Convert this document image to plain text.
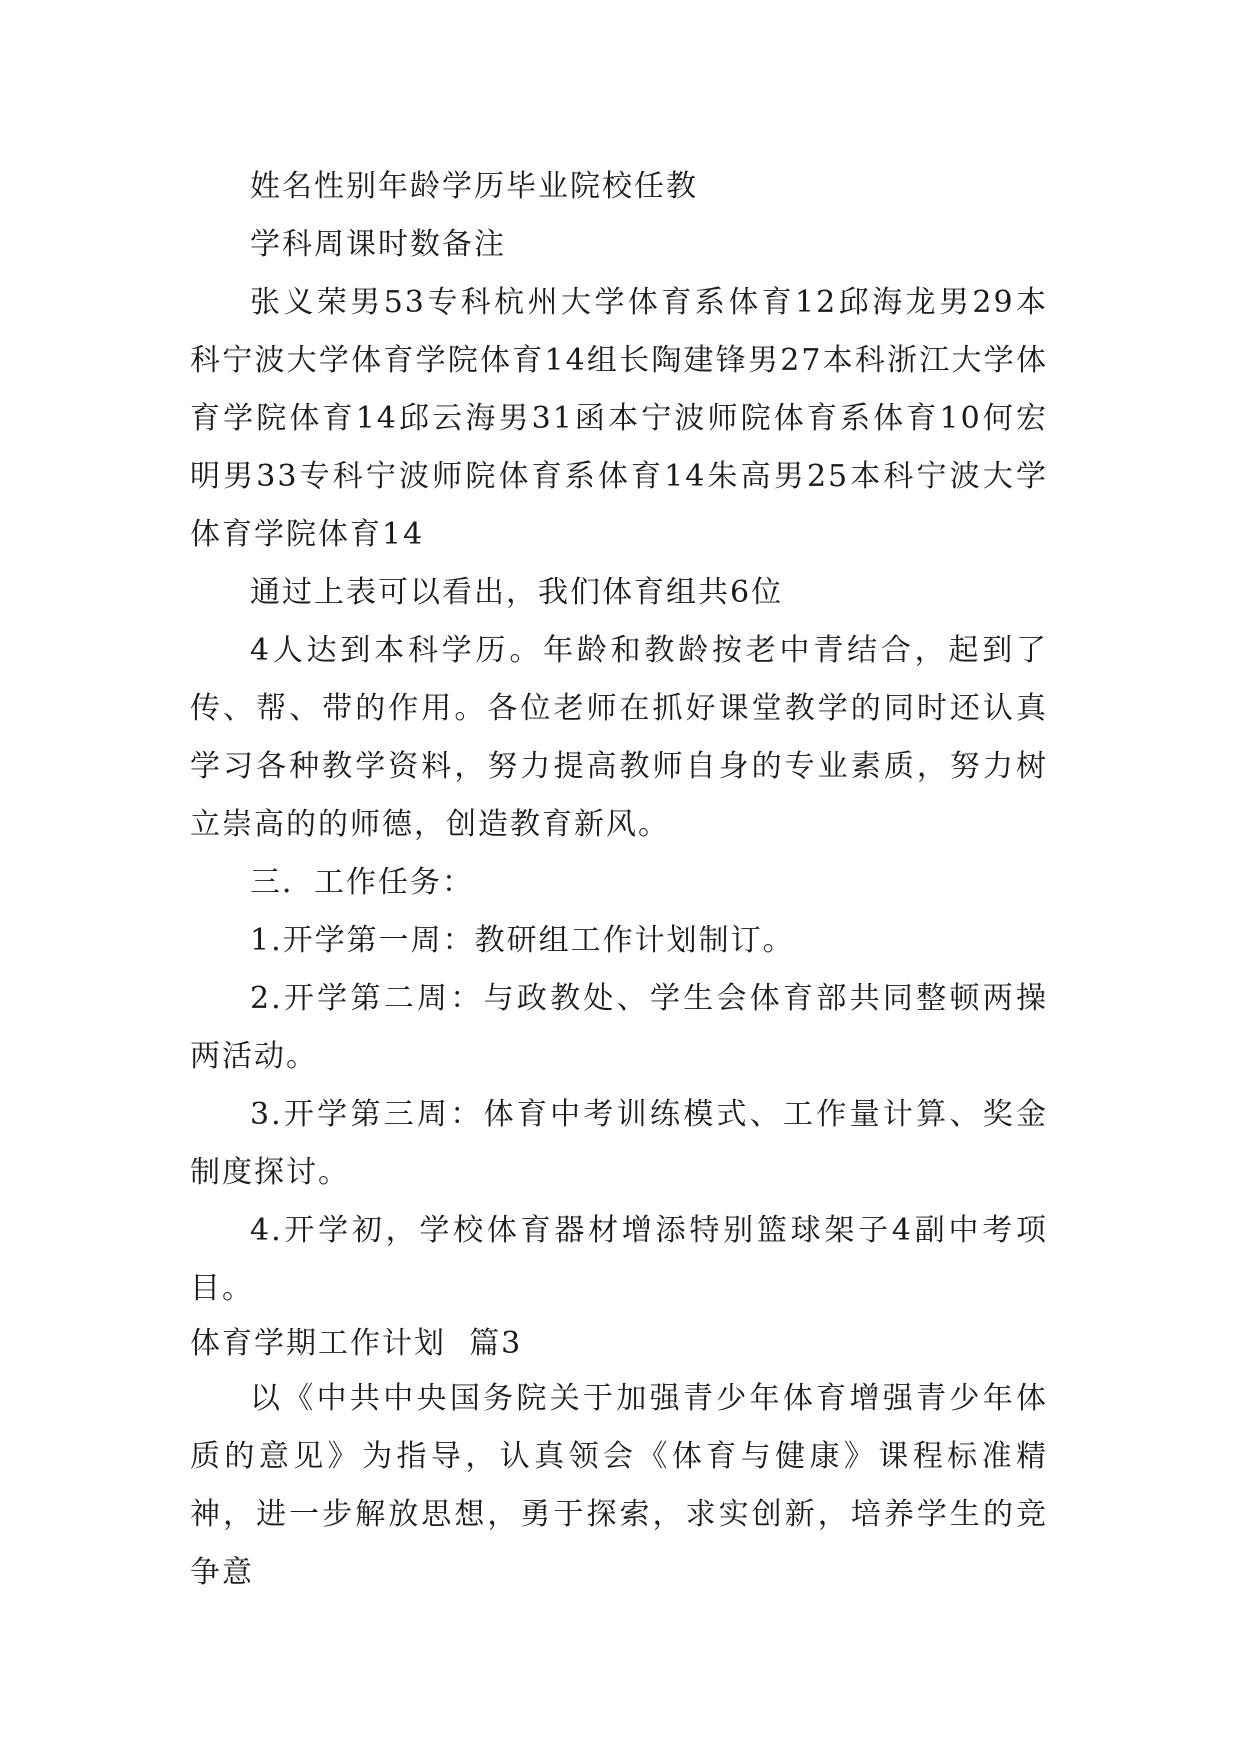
姓名性别年龄学历毕业院校任教

学科周课时数备注

张义荣男53专科杭州大学体育系体育12邱海龙男29本科宁波大学体育学院体育14组长陶建锋男27本科浙江大学体育学院体育14邱云海男31函本宁波师院体育系体育10何宏明男33专科宁波师院体育系体育14朱高男25本科宁波大学体育学院体育14

通过上表可以看出，我们体育组共6位

4人达到本科学历。年龄和教龄按老中青结合，起到了传、帮、带的作用。各位老师在抓好课堂教学的同时还认真学习各种教学资料，努力提高教师自身的专业素质，努力树立崇高的的师德，创造教育新风。

三．工作任务：

1.开学第一周：教研组工作计划制订。

2.开学第二周：与政教处、学生会体育部共同整顿两操两活动。

3.开学第三周：体育中考训练模式、工作量计算、奖金制度探讨。

4.开学初，学校体育器材增添特别篮球架子4副中考项目。

体育学期工作计划  篇3

以《中共中央国务院关于加强青少年体育增强青少年体质的意见》为指导，认真领会《体育与健康》课程标准精神，进一步解放思想，勇于探索，求实创新，培养学生的竞争意
